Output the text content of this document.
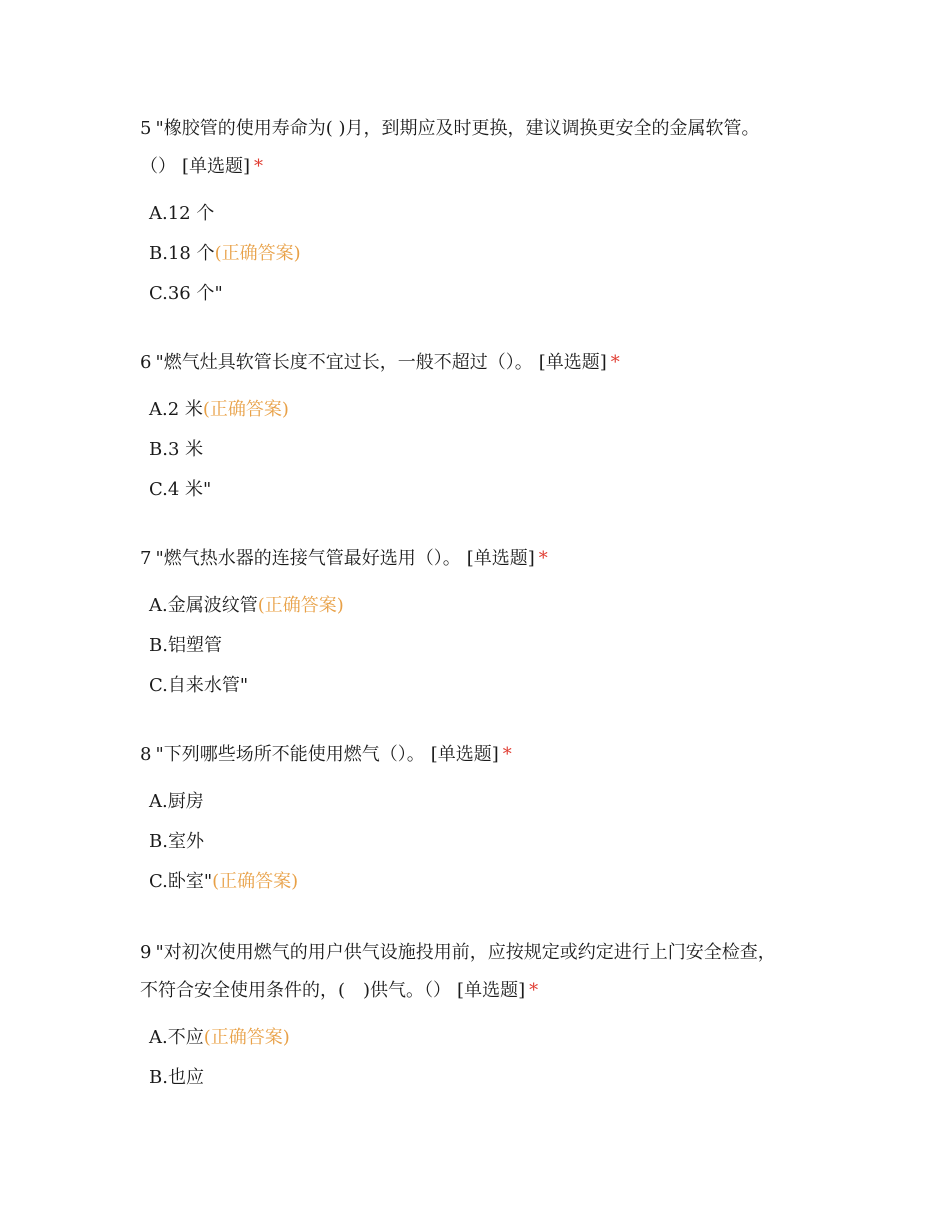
5 "橡胶管的使用寿命为( )月，到期应及时更换，建议调换更安全的金属软管。
（） [单选题] *

A.12 个
B.18 个(正确答案)
C.36 个"

6 "燃气灶具软管长度不宜过长，一般不超过（）。 [单选题] *

A.2 米(正确答案)
B.3 米
C.4 米"

7 "燃气热水器的连接气管最好选用（）。 [单选题] *

A.金属波纹管(正确答案)
B.铝塑管
C.自来水管"

8 "下列哪些场所不能使用燃气（）。 [单选题] *

A.厨房
B.室外
C.卧室"(正确答案)

9 "对初次使用燃气的用户供气设施投用前，应按规定或约定进行上门安全检查，
不符合安全使用条件的，(　)供气。（） [单选题] *

A.不应(正确答案)
B.也应
